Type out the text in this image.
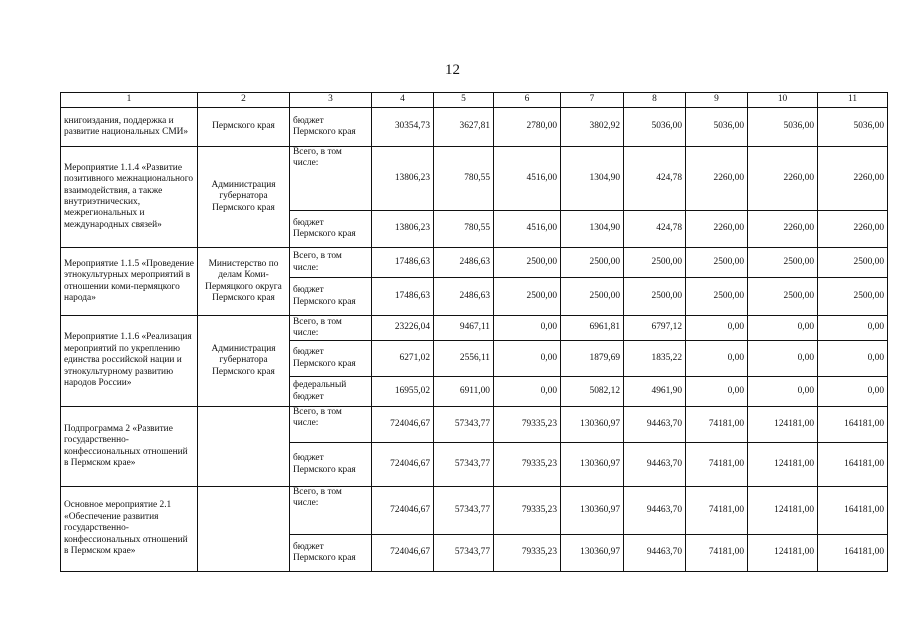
12
1	2	3	4	5	6	7	8	9	10	11
книгоиздания, поддержка и развитие национальных СМИ»	Пермского края	бюджет Пермского края	30354,73	3627,81	2780,00	3802,92	5036,00	5036,00	5036,00	5036,00
Мероприятие 1.1.4 «Развитие позитивного межнационального взаимодействия, а также внутриэтнических, межрегиональных и международных связей»	Администрация губернатора Пермского края	Всего, в том числе:	13806,23	780,55	4516,00	1304,90	424,78	2260,00	2260,00	2260,00
		бюджет Пермского края	13806,23	780,55	4516,00	1304,90	424,78	2260,00	2260,00	2260,00
Мероприятие 1.1.5 «Проведение этнокультурных мероприятий в отношении коми-пермяцкого народа»	Министерство по делам Коми-Пермяцкого округа Пермского края	Всего, в том числе:	17486,63	2486,63	2500,00	2500,00	2500,00	2500,00	2500,00	2500,00
		бюджет Пермского края	17486,63	2486,63	2500,00	2500,00	2500,00	2500,00	2500,00	2500,00
Мероприятие 1.1.6 «Реализация мероприятий по укреплению единства российской нации и этнокультурному развитию народов России»	Администрация губернатора Пермского края	Всего, в том числе:	23226,04	9467,11	0,00	6961,81	6797,12	0,00	0,00	0,00
		бюджет Пермского края	6271,02	2556,11	0,00	1879,69	1835,22	0,00	0,00	0,00
		федеральный бюджет	16955,02	6911,00	0,00	5082,12	4961,90	0,00	0,00	0,00
Подпрограмма 2 «Развитие государственно-конфессиональных отношений в Пермском крае»		Всего, в том числе:	724046,67	57343,77	79335,23	130360,97	94463,70	74181,00	124181,00	164181,00
		бюджет Пермского края	724046,67	57343,77	79335,23	130360,97	94463,70	74181,00	124181,00	164181,00
Основное мероприятие 2.1 «Обеспечение развития государственно-конфессиональных отношений в Пермском крае»		Всего, в том числе:	724046,67	57343,77	79335,23	130360,97	94463,70	74181,00	124181,00	164181,00
		бюджет Пермского края	724046,67	57343,77	79335,23	130360,97	94463,70	74181,00	124181,00	164181,00
